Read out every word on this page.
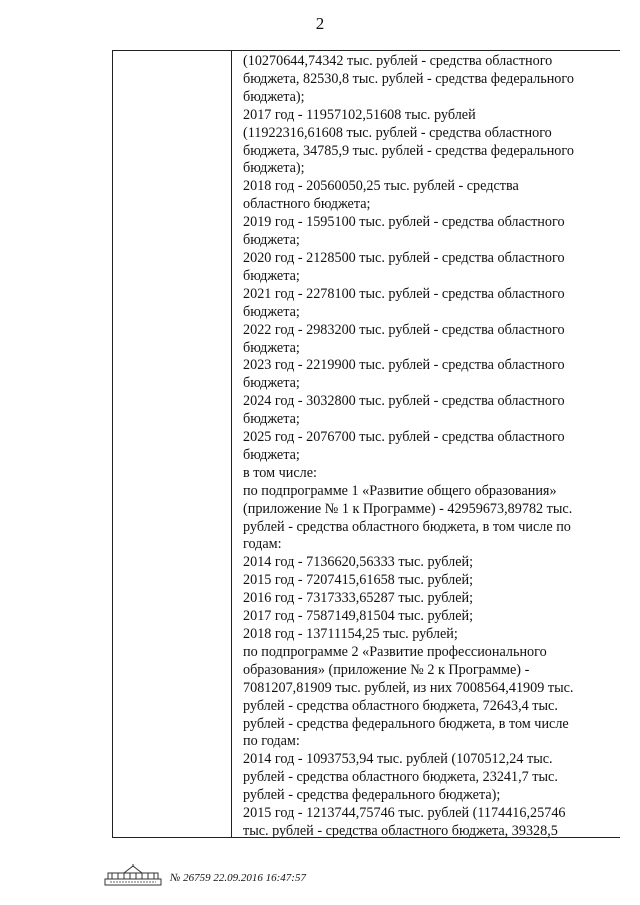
2
(10270644,74342 тыс. рублей - средства областного
бюджета, 82530,8 тыс. рублей - средства федерального
бюджета);
2017 год - 11957102,51608 тыс. рублей
(11922316,61608 тыс. рублей - средства областного
бюджета, 34785,9 тыс. рублей - средства федерального
бюджета);
2018 год - 20560050,25 тыс. рублей - средства
областного бюджета;
2019 год - 1595100 тыс. рублей - средства областного
бюджета;
2020 год - 2128500 тыс. рублей - средства областного
бюджета;
2021 год - 2278100 тыс. рублей - средства областного
бюджета;
2022 год - 2983200 тыс. рублей - средства областного
бюджета;
2023 год - 2219900 тыс. рублей - средства областного
бюджета;
2024 год - 3032800 тыс. рублей - средства областного
бюджета;
2025 год - 2076700 тыс. рублей - средства областного
бюджета;
в том числе:
по подпрограмме 1 «Развитие общего образования»
(приложение № 1 к Программе) - 42959673,89782 тыс.
рублей - средства областного бюджета, в том числе по
годам:
2014 год - 7136620,56333 тыс. рублей;
2015 год - 7207415,61658 тыс. рублей;
2016 год - 7317333,65287 тыс. рублей;
2017 год - 7587149,81504 тыс. рублей;
2018 год - 13711154,25 тыс. рублей;
по подпрограмме 2 «Развитие профессионального
образования» (приложение № 2 к Программе) -
7081207,81909 тыс. рублей, из них 7008564,41909 тыс.
рублей - средства областного бюджета, 72643,4 тыс.
рублей - средства федерального бюджета, в том числе
по годам:
2014 год - 1093753,94 тыс. рублей (1070512,24 тыс.
рублей - средства областного бюджета, 23241,7 тыс.
рублей - средства федерального бюджета);
2015 год - 1213744,75746 тыс. рублей (1174416,25746
тыс. рублей - средства областного бюджета, 39328,5
№ 26759 22.09.2016 16:47:57
